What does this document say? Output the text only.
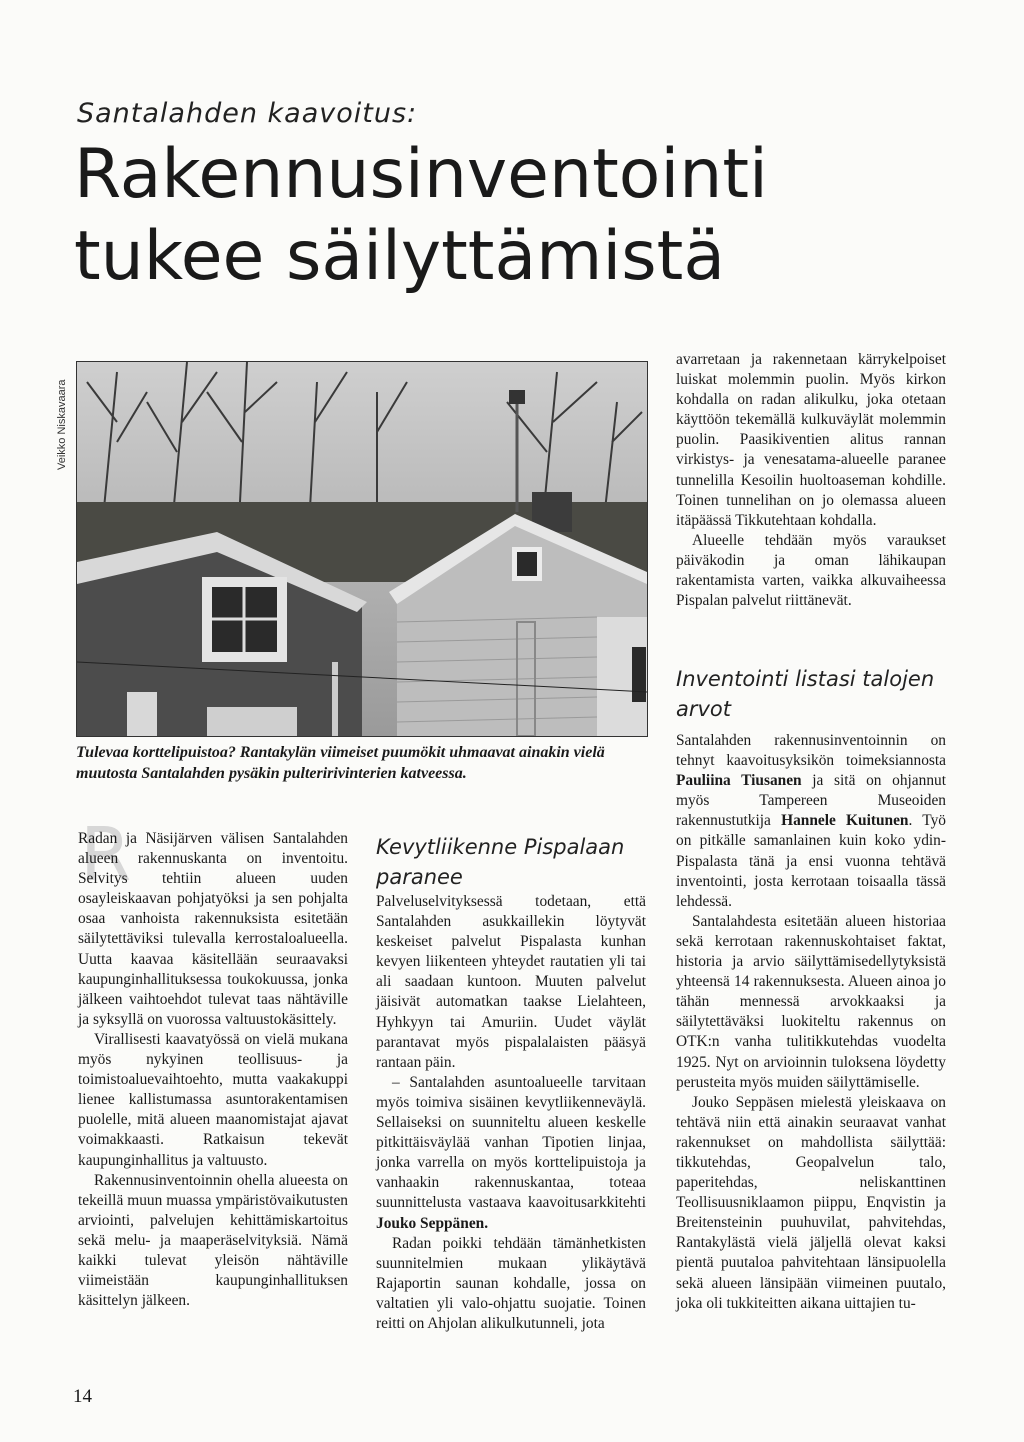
Santalahden kaavoitus:
Rakennusinventointi
tukee säilyttämistä
Veikko Niskavaara
Tulevaa korttelipuistoa? Rantakylän viimeiset puumökit uhmaavat ainakin vielä muutosta Santalahden pysäkin pulteririvinterien katveessa.
R

Radan ja Näsijärven välisen Santalahden alueen rakennuskanta on inventoitu. Selvitys tehtiin alueen uuden osayleiskaavan pohjatyöksi ja sen pohjalta osaa vanhoista rakennuksista esitetään säilytettäviksi tulevalla kerrostaloalueella. Uutta kaavaa käsitellään seuraavaksi kaupunginhallituksessa toukokuussa, jonka jälkeen vaihtoehdot tulevat taas nähtäville ja syksyllä on vuorossa valtuustokäsittely.

Virallisesti kaavatyössä on vielä mukana myös nykyinen teollisuus- ja toimistoaluevaihtoehto, mutta vaakakuppi lienee kallistumassa asuntorakentamisen puolelle, mitä alueen maanomistajat ajavat voimakkaasti. Ratkaisun tekevät kaupunginhallitus ja valtuusto.

Rakennusinventoinnin ohella alueesta on tekeillä muun muassa ympäristövaikutusten arviointi, palvelujen kehittämiskartoitus sekä melu- ja maaperäselvityksiä. Nämä kaikki tulevat yleisön nähtäville viimeistään kaupunginhallituksen käsittelyn jälkeen.

Kevytliikenne Pispalaan paranee

Palveluselvityksessä todetaan, että Santalahden asukkaillekin löytyvät keskeiset palvelut Pispalasta kunhan kevyen liikenteen yhteydet rautatien yli tai ali saadaan kuntoon. Muuten palvelut jäisivät automatkan taakse Lielahteen, Hyhkyyn tai Amuriin. Uudet väylät parantavat myös pispalalaisten pääsyä rantaan päin.

– Santalahden asuntoalueelle tarvitaan myös toimiva sisäinen kevytliikenneväylä. Sellaiseksi on suunniteltu alueen keskelle pitkittäisväylää vanhan Tipotien linjaa, jonka varrella on myös korttelipuistoja ja vanhaakin rakennuskantaa, toteaa suunnittelusta vastaava kaavoitusarkkitehti Jouko Seppänen.

Radan poikki tehdään tämänhetkisten suunnitelmien mukaan ylikäytävä Rajaportin saunan kohdalle, jossa on valtatien yli valo-ohjattu suojatie. Toinen reitti on Ahjolan alikulkutunneli, jota

avarretaan ja rakennetaan kärrykelpoiset luiskat molemmin puolin. Myös kirkon kohdalla on radan alikulku, joka otetaan käyttöön tekemällä kulkuväylät molemmin puolin. Paasikiventien alitus rannan virkistys- ja venesatama-alueelle paranee tunnelilla Kesoilin huoltoaseman kohdille. Toinen tunnelihan on jo olemassa alueen itäpäässä Tikkutehtaan kohdalla.

Alueelle tehdään myös varaukset päiväkodin ja oman lähikaupan rakentamista varten, vaikka alkuvaiheessa Pispalan palvelut riittänevät.

Inventointi listasi talojen arvot

Santalahden rakennusinventoinnin on tehnyt kaavoitusyksikön toimeksiannosta Pauliina Tiusanen ja sitä on ohjannut myös Tampereen Museoiden rakennustutkija Hannele Kuitunen. Työ on pitkälle samanlainen kuin koko ydin-Pispalasta tänä ja ensi vuonna tehtävä inventointi, josta kerrotaan toisaalla tässä lehdessä.

Santalahdesta esitetään alueen historiaa sekä kerrotaan rakennuskohtaiset faktat, historia ja arvio säilyttämisedellytyksistä yhteensä 14 rakennuksesta. Alueen ainoa jo tähän mennessä arvokkaaksi ja säilytettäväksi luokiteltu rakennus on OTK:n vanha tulitikkutehdas vuodelta 1925. Nyt on arvioinnin tuloksena löydetty perusteita myös muiden säilyttämiselle.

Jouko Seppäsen mielestä yleiskaava on tehtävä niin että ainakin seuraavat vanhat rakennukset on mahdollista säilyttää: tikkutehdas, Geopalvelun talo, paperitehdas, neliskanttinen Teollisuusniklaamon piippu, Enqvistin ja Breitensteinin puuhuvilat, pahvitehdas, Rantakylästä vielä jäljellä olevat kaksi pientä puutaloa pahvitehtaan länsipuolella sekä alueen länsipään viimeinen puutalo, joka oli tukkiteitten aikana uittajien tu-

14
